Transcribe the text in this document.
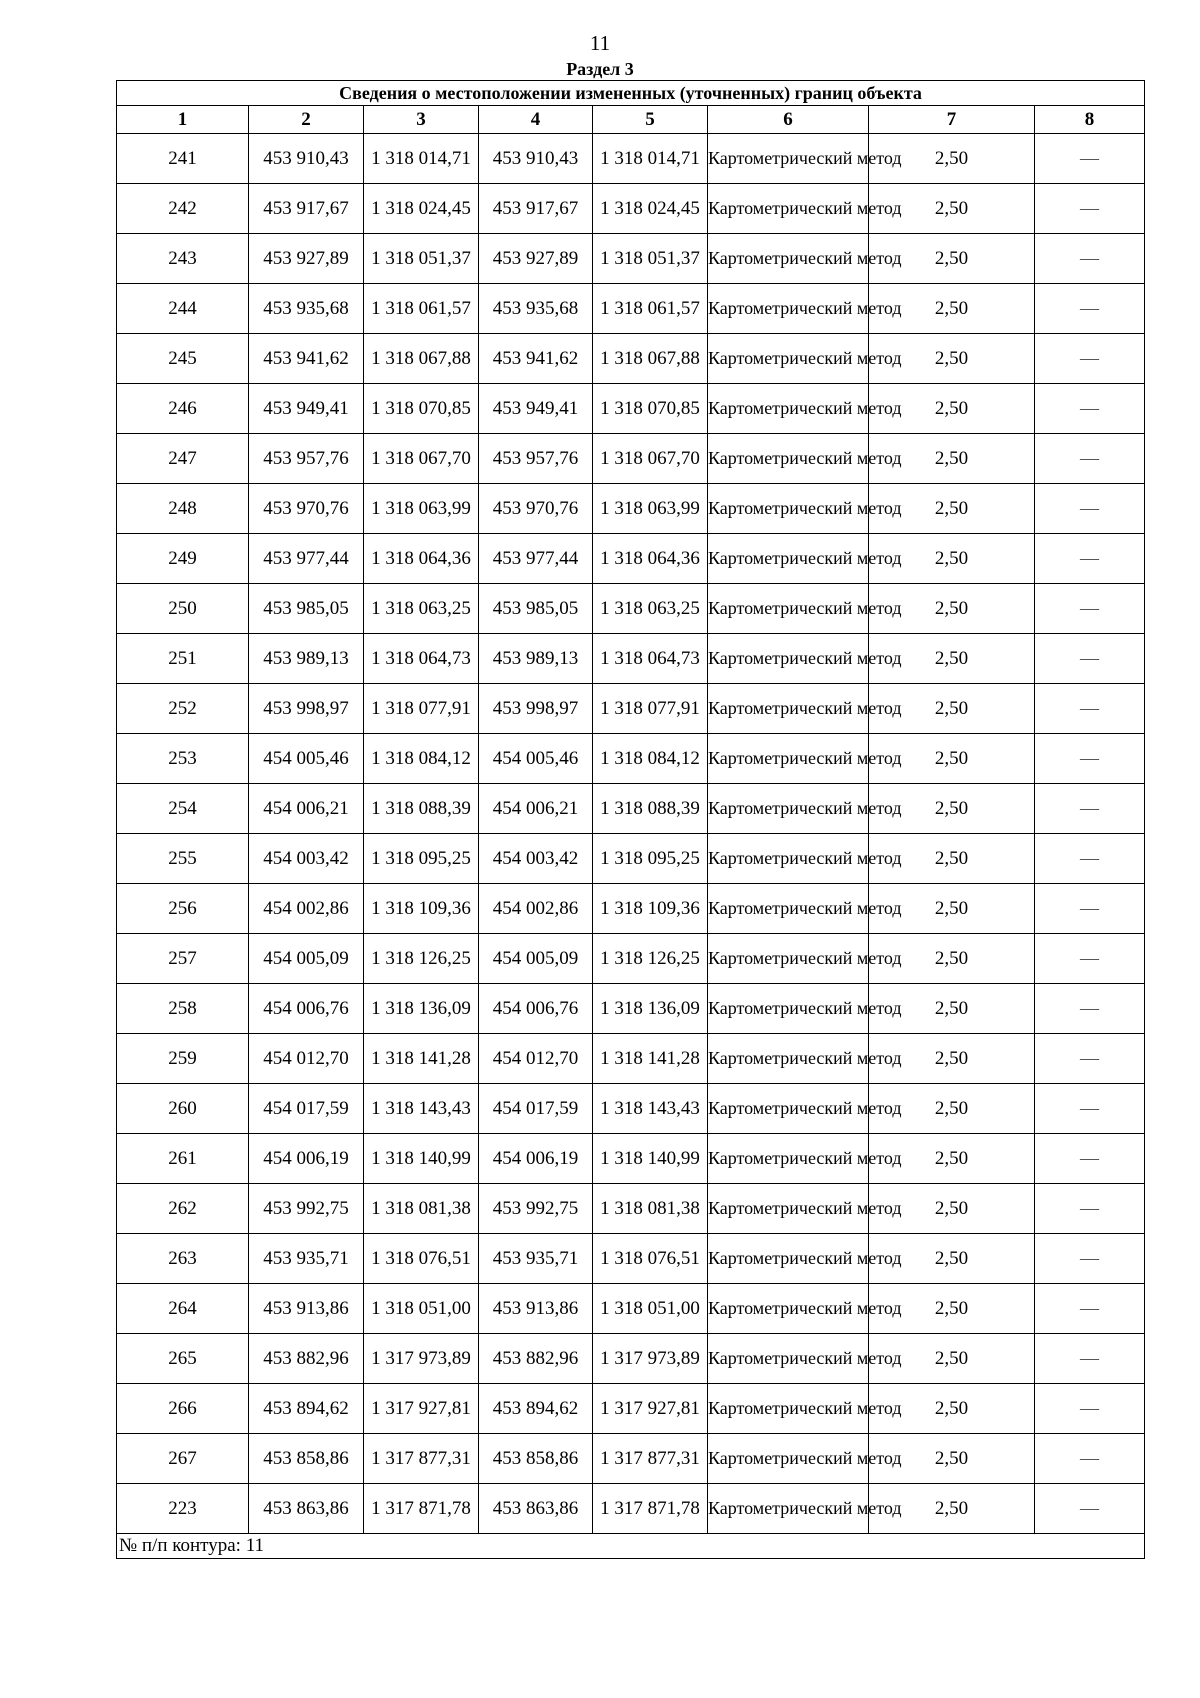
11
Раздел 3
Сведения о местоположении измененных (уточненных) границ объекта							
1	2	3	4	5	6	7	8
241	453 910,43	1 318 014,71	453 910,43	1 318 014,71	Картометрический метод	2,50	—
242	453 917,67	1 318 024,45	453 917,67	1 318 024,45	Картометрический метод	2,50	—
243	453 927,89	1 318 051,37	453 927,89	1 318 051,37	Картометрический метод	2,50	—
244	453 935,68	1 318 061,57	453 935,68	1 318 061,57	Картометрический метод	2,50	—
245	453 941,62	1 318 067,88	453 941,62	1 318 067,88	Картометрический метод	2,50	—
246	453 949,41	1 318 070,85	453 949,41	1 318 070,85	Картометрический метод	2,50	—
247	453 957,76	1 318 067,70	453 957,76	1 318 067,70	Картометрический метод	2,50	—
248	453 970,76	1 318 063,99	453 970,76	1 318 063,99	Картометрический метод	2,50	—
249	453 977,44	1 318 064,36	453 977,44	1 318 064,36	Картометрический метод	2,50	—
250	453 985,05	1 318 063,25	453 985,05	1 318 063,25	Картометрический метод	2,50	—
251	453 989,13	1 318 064,73	453 989,13	1 318 064,73	Картометрический метод	2,50	—
252	453 998,97	1 318 077,91	453 998,97	1 318 077,91	Картометрический метод	2,50	—
253	454 005,46	1 318 084,12	454 005,46	1 318 084,12	Картометрический метод	2,50	—
254	454 006,21	1 318 088,39	454 006,21	1 318 088,39	Картометрический метод	2,50	—
255	454 003,42	1 318 095,25	454 003,42	1 318 095,25	Картометрический метод	2,50	—
256	454 002,86	1 318 109,36	454 002,86	1 318 109,36	Картометрический метод	2,50	—
257	454 005,09	1 318 126,25	454 005,09	1 318 126,25	Картометрический метод	2,50	—
258	454 006,76	1 318 136,09	454 006,76	1 318 136,09	Картометрический метод	2,50	—
259	454 012,70	1 318 141,28	454 012,70	1 318 141,28	Картометрический метод	2,50	—
260	454 017,59	1 318 143,43	454 017,59	1 318 143,43	Картометрический метод	2,50	—
261	454 006,19	1 318 140,99	454 006,19	1 318 140,99	Картометрический метод	2,50	—
262	453 992,75	1 318 081,38	453 992,75	1 318 081,38	Картометрический метод	2,50	—
263	453 935,71	1 318 076,51	453 935,71	1 318 076,51	Картометрический метод	2,50	—
264	453 913,86	1 318 051,00	453 913,86	1 318 051,00	Картометрический метод	2,50	—
265	453 882,96	1 317 973,89	453 882,96	1 317 973,89	Картометрический метод	2,50	—
266	453 894,62	1 317 927,81	453 894,62	1 317 927,81	Картометрический метод	2,50	—
267	453 858,86	1 317 877,31	453 858,86	1 317 877,31	Картометрический метод	2,50	—
223	453 863,86	1 317 871,78	453 863,86	1 317 871,78	Картометрический метод	2,50	—
№ п/п контура: 11							
